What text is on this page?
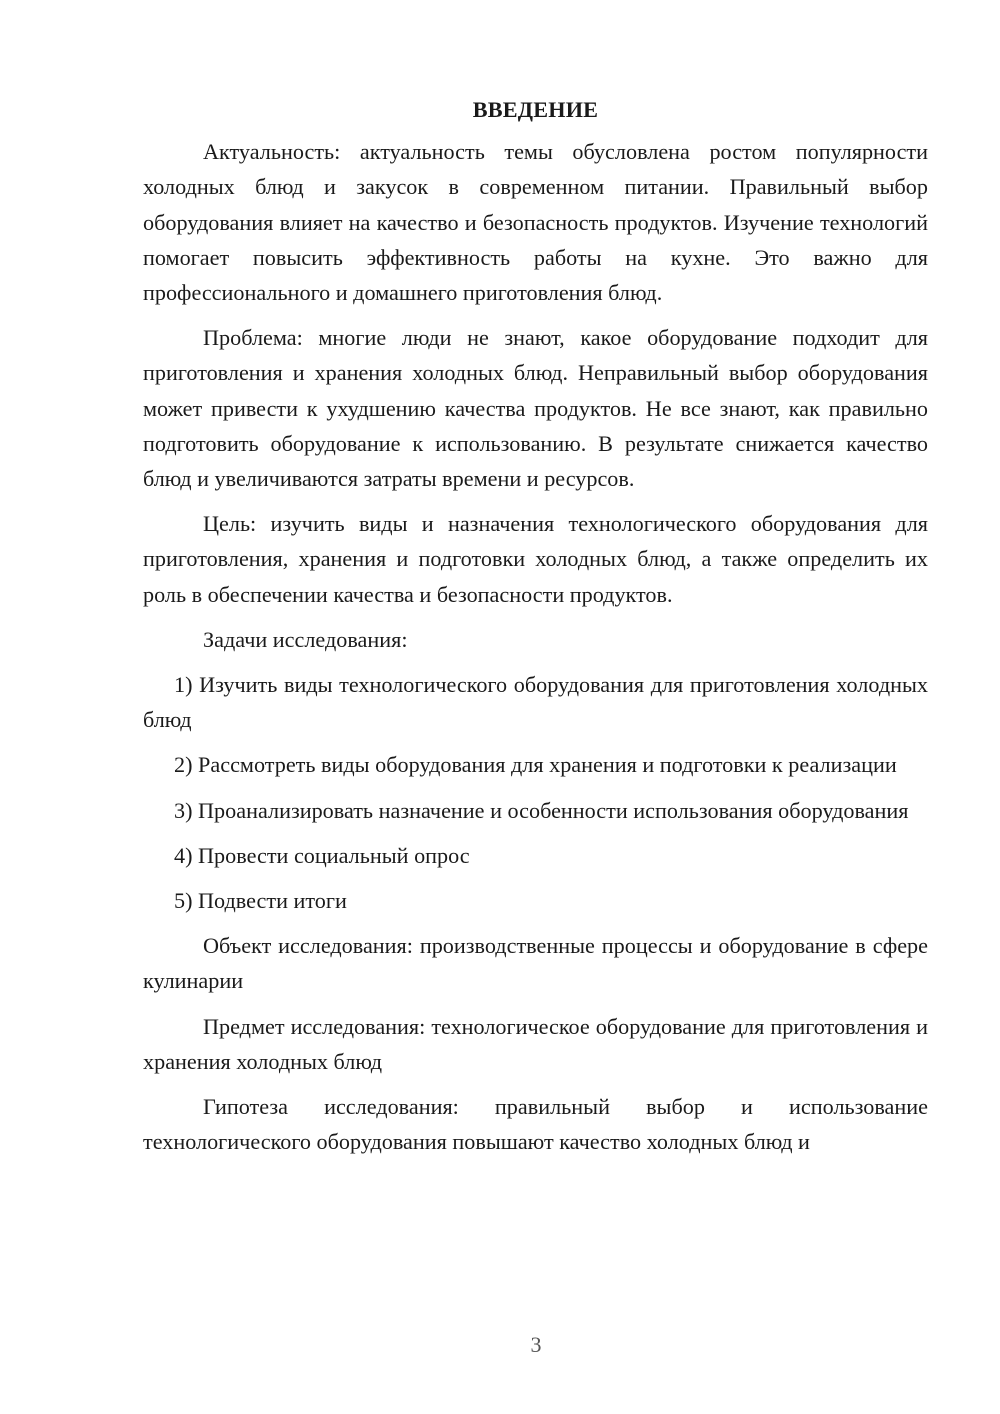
ВВЕДЕНИЕ

Актуальность: актуальность темы обусловлена ростом популярности холодных блюд и закусок в современном питании. Правильный выбор оборудования влияет на качество и безопасность продуктов. Изучение технологий помогает повысить эффективность работы на кухне. Это важно для профессионального и домашнего приготовления блюд.

Проблема: многие люди не знают, какое оборудование подходит для приготовления и хранения холодных блюд. Неправильный выбор оборудования может привести к ухудшению качества продуктов. Не все знают, как правильно подготовить оборудование к использованию. В результате снижается качество блюд и увеличиваются затраты времени и ресурсов.

Цель: изучить виды и назначения технологического оборудования для приготовления, хранения и подготовки холодных блюд, а также определить их роль в обеспечении качества и безопасности продуктов.

Задачи исследования:

1) Изучить виды технологического оборудования для приготовления холодных блюд

2) Рассмотреть виды оборудования для хранения и подготовки к реализации

3) Проанализировать назначение и особенности использования оборудования

4) Провести социальный опрос

5) Подвести итоги

Объект исследования: производственные процессы и оборудование в сфере кулинарии

Предмет исследования: технологическое оборудование для приготовления и хранения холодных блюд

Гипотеза исследования: правильный выбор и использование технологического оборудования повышают качество холодных блюд и

3
